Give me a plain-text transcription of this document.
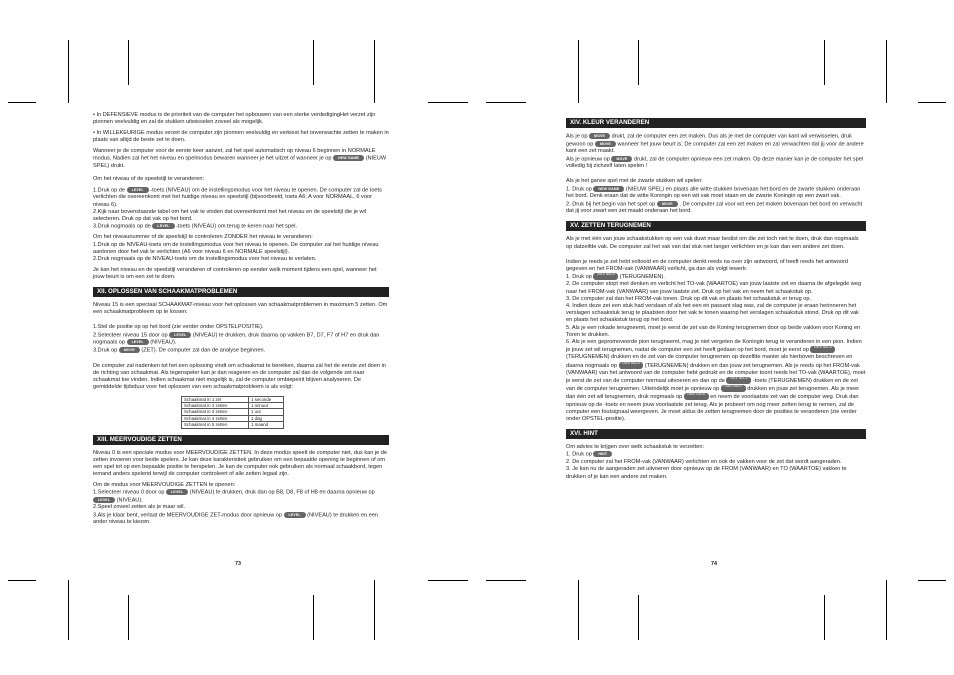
• In DEFENSIEVE modus is de prioriteit van de computer het opbouwen van een sterke verdedigingHet verzet zijn pionnen veelvuldig en zal de stukken uitwisselen zoveel als mogelijk.

• In WILLEKEURIGE modus verzet de computer zijn pionnen veelvuldig en verkiest het onverwachte zetten te maken in plaats van altijd de beste zet te doen.

Wanneer je de computer voor de eerste keer aanzet, zal het spel automatisch op niveau 6 beginnen in NORMALE modus. Nadien zal het het niveau en spelmodus bewaren wanneer je het uitzet of wanneer je op NEW GAME (NIEUW SPEL) drukt.

Om het niveau of de speelstijl te veranderen:

1.Druk op de LEVEL -toets (NIVEAU) om de instellingsmodus voor het niveau te openen. De computer zal de toets verlichten die overeenkomt met het huidige niveau en speelstijl (bijvoorbeeld, toets A6: A voor NORMAAL, 6 voor niveau 6).

2.Kijk naar bovenstaande tabel om het vak te vinden dat overeenkomt met het niveau en de speelstijl die je wil selecteren. Druk op dat vak op het bord.

3.Druk nogmaals op de LEVEL -toets (NIVEAU) om terug te keren naar het spel.

Om het niveaunummer of de speelstijl te controleren ZONDER het niveau te veranderen:

1.Druk op de NIVEAU-toets om de instellingsmodus voor het niveau te openen. De computer zal het huidige niveau aantonen door het vak te verlichten (A6 voor niveau 6 en NORMALE speelstijl).

2.Druk nogmaals op de NIVEAU-toets om de instellingsmodus voor het niveau te verlaten.

Je kan het niveau en de speelstijl veranderen of controleren op eender welk moment tijdens een spel, wanneer het jouw beurt is om een zet te doen.

XII. OPLOSSEN VAN SCHAAKMATPROBLEMEN

Niveau 15 is een speciaal SCHAAKMAT-niveau voor het oplossen van schaakmatproblemen in maximum 5 zetten. Om een schaakmatprobleem op te lossen:

1.Stel de positie op op het bord (zie verder onder OPSTELPOSITIE).

2.Selecteer niveau 15 door op LEVEL (NIVEAU) te drukken, druk daarna op vakken B7, D7, F7 of H7 en druk dan nogmaals op LEVEL (NIVEAU).

3.Druk op MOVE (ZET). De computer zal dan de analyse beginnen.

De computer zal nadenken tot het een oplossing vindt om schaakmat te bereiken, daarna zal het de eerste zet doen in de richting van schaakmat. Als tegenspeler kan je dan reageren en de computer zal dan de volgende zet naar schaakmat toe vinden. Indien schaakmat niet mogelijk is, zal de computer ombiepeirit blijven analyseren. De gemiddelde tijdsduur voor het oplossen van een schaakmatprobleem is als volgt:

Schaakmat in 1 zet	1 seconde
Schaakmat in 2 zetten	1 minuut
Schaakmat in 3 zetten	1 uur
Schaakmat in 4 zetten	1 dag
Schaakmat in 5 zetten	1 maand
XIII. MEERVOUDIGE ZETTEN

Niveau 0 is een speciale modus voor MEERVOUDIGE ZETTEN. In deze modus speelt de computer niet, dus kan je de zetten invoeren voor beide spelers. Je kan deze karakteristiek gebruiken om een bepaalde opening te beginnen of om een spel tot op een bepaalde positie te herspelen. Je kan de computer ook gebruiken als normaal schaakbord, tegen iemand anders spelend terwijl de computer controleert of alle zetten legaal zijn.

Om de modus voor MEERVOUDIGE ZETTEN te openen:

1.Selecteer niveau 0 door op LEVEL (NIVEAU) te drukken, druk dan op B8, D8, F8 of H8 en daarna opnieuw op LEVEL (NIVEAU).

2.Speel zoveel zetten als je maar wil.

3.Als je klaar bent, verlaat de MEERVOUDIGE ZET-modus door opnieuw op LEVEL (NIVEAU) te drukken en een ander niveau te kiezen.

73
XIV. KLEUR VERANDEREN

Als je op MOVE drukt, zal de computer een zet maken. Dus als je met de computer van kant wil verwisselen, druk gewoon op MOVE wanneer het jouw beurt is. De computer zal een zet maken en zal verwachten dat jij voor de andere kant een zet maakt.

Als je opnieuw op MOVE drukt, zal de computer opnieuw een zet maken. Op deze manier kan je de computer het spel volledig bij zichzelf laten spelen !

Als je het ganse spel met de zwarte stukken wil spelen:

1. Druk op NEW GAME (NIEUW SPEL) en plaats alle witte stukken bovenaan het bord en de zwarte stukken onderaan het bord. Denk eraan dat de witte Koningin op een wit vak moet staan en de zwarte Koningin op een zwart vak.

2. Druk bij het begin van het spel op MOVE . De computer zal voor wit een zet maken bovenaan het bord en verwacht dat jij voor zwart een zet maakt onderaan het bord.

XV. ZETTEN TERUGNEMEN

Als je met één van jouw schaakstukken op een vak duwt maar beslist om die zet toch niet te doen, druk dan nogmaals op datzelfde vak. De computer zal het vak van dat stuk niet langer verlichten en je kan dan een andere zet doen.

Indien je reeds je zet hebt voltooid en de computer denkt reeds na over zijn antwoord, of heeft reeds het antwoord gegeven en het FROM-vak (VANWAAR) verlicht, ga dan als volgt tewerk:

1. Druk op TAKE BACK (TERUGNEMEN).

2. De computer stopt met denken en verlicht het TO-vak (WAARTOE) van jouw laatste zet en daarna de afgelegde weg naar het FROM-vak (VANWAAR) van jouw laatste zet. Druk op het vak en neem het schaakstuk op.

3. De computer zal dan het FROM-vak tonen. Druk op dit vak en plaats het schaakstuk er terug op.

4. Indien deze zet een stuk had verslaan of als het een en passant slag was, zal de computer je eraan herinneren het verslagen schaakstuk terug te plaatsten door het vak te tonen waarop het verslagen schaakstuk stond. Druk op dit vak en plaats het schaakstuk terug op het bord.

5. Als je een rokade terugneemt, moet je eerst de zet van de Koning terugnemen door op beide vakken voor Koning en Toren te drukken.

6. Als je een gepromoveerde pion terugneemt, mag je niet vergeten de Koningin terug te veranderen in een pion. Indien je jouw zet wil terugnemen, nadat de computer een zet heeft gedaan op het bord, moet je eerst op TAKE BACK (TERUGNEMEN) drukken en de zet van de computer terugnemen op dezelfde manier als hierboven beschreven en daarna nogmaals op TAKE BACK (TERUGNEMEN) drukken en dan jouw zet terugnemen. Als je reeds op het FROM-vak (VANWAAR) van het antwoord van de computer hebt gedrukt en de computer toont reeds het TO-vak (WAARTOE), moet je eerst de zet van de computer normaal uitvoeren en dan op de TAKE BACK -toets (TERUGNEMEN) drukken en de zet van de computer terugnemen. Uiteindelijk moet je opnieuw op TAKE BACK drukken en jouw zet terugnemen. Als je meer dan één zet wil terugnemen, druk nogmaals op TAKE BACK en neem de voorlaatste zet van de computer weg. Druk dan opnieuw op de -toets en neem jouw voorlaatste zet terug. Als je probeert om nog meer zetten terug te nemen, zal de computer een foutsignaal weergeven. Je moet aldus de zetten terugnemen door de posities te veranderen (zie verder onder OPSTEL-positie).

XVI. HINT

Om advies te krijgen over welk schaakstuk te verzetten:

1. Druk op HINT

2. De computer zal het FROM-vak (VANWAAR) verlichten en ook de vakken voor de zet dat wordt aangeraden.

3. Je kan nu de aangeraden zet uitvoeren door opnieuw op de FROM (VANWAAR) en TO (WAARTOE) vakken te drukken of je kan een andere zet maken.

74
